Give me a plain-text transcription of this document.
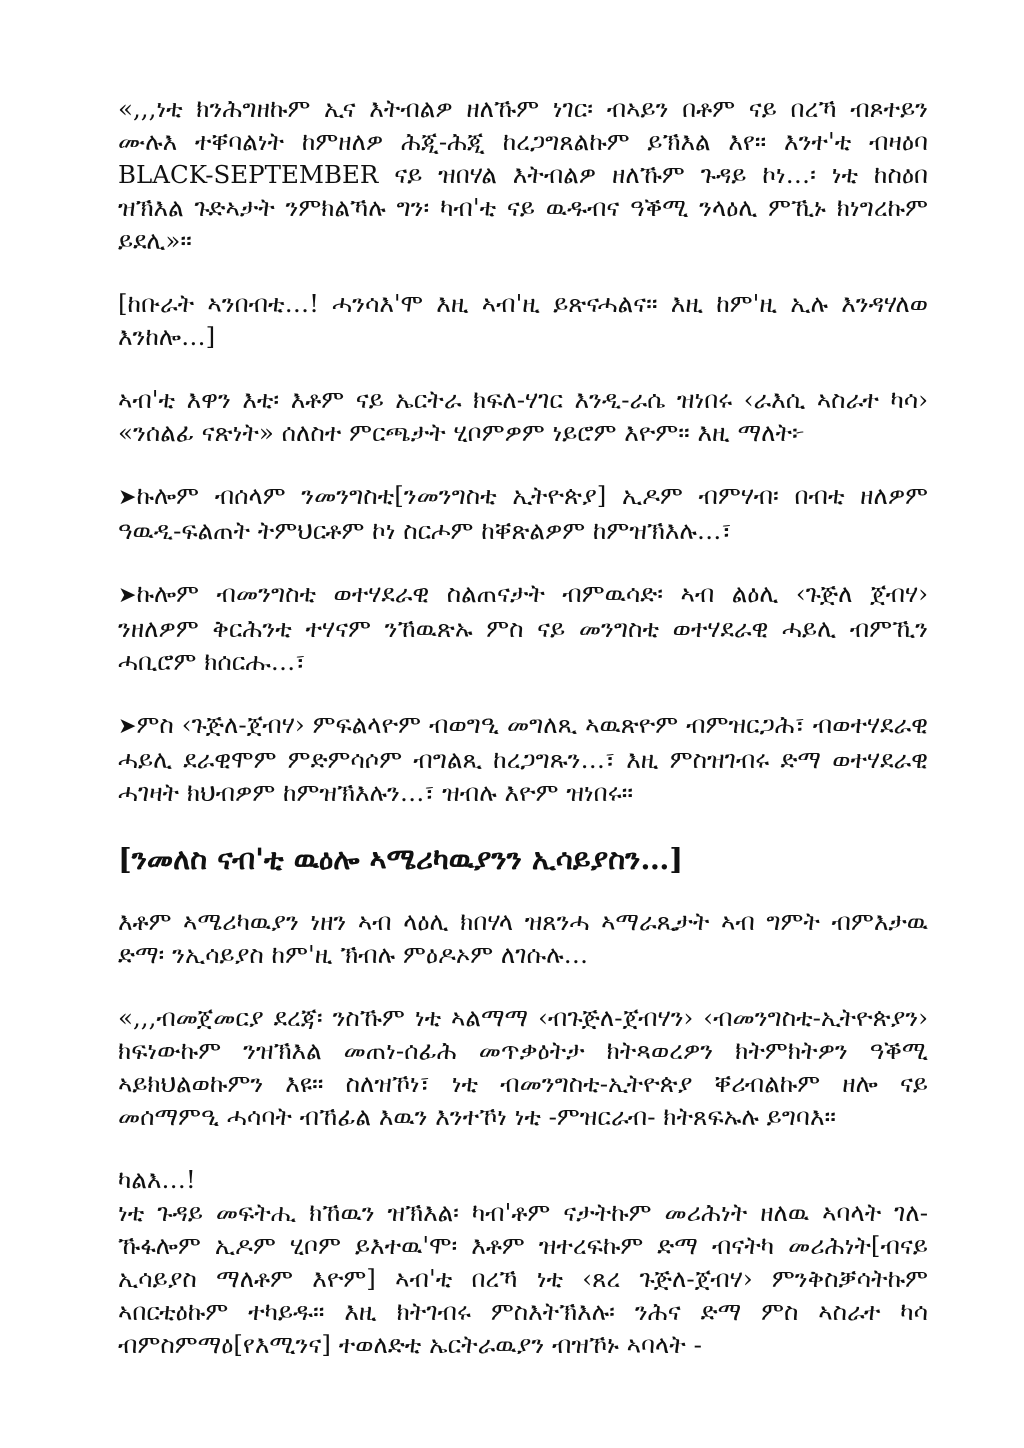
«,,,ነቲ ክንሕግዘኩም ኢና እትብልዎ ዘለኹም ነገር፡ ብኣይን በቶም ናይ በረኻ ብጾተይን ሙሉእ ተቐባልነት ከምዘለዎ ሕጂ-ሕጂ ከረጋግጸልኩም ይኽእል እየ። እንተ'ቲ ብዛዕባ BLACK-SEPTEMBER ናይ ዝበሃል እትብልዎ ዘለኹም ጉዳይ ኮነ…፡ ነቲ ከስዕበ ዝኽእል ጉድኣታት ንምክልኻሉ ግን፡ ካብ'ቲ ናይ ዉዱብና ዓቕሚ ንላዕሊ ምኺኑ ክነግረኩም ይደሊ»።

[ከቡራት ኣንበብቲ…! ሓንሳእ'ሞ እዚ ኣብ'ዚ ይጽናሓልና። እዚ ከም'ዚ ኢሉ እንዳሃለወ እንከሎ…]

ኣብ'ቲ እዋን እቲ፡ እቶም ናይ ኤርትራ ክፍለ-ሃገር እንዲ-ራሴ ዝነበሩ ‹ራእሲ ኣስራተ ካሳ› «ንሰልፊ ናጽነት» ሰለስተ ምርጫታት ሂቦምዎም ነይሮም እዮም። እዚ ማለት፦

➤ኩሎም ብሰላም ንመንግስቲ[ንመንግስቲ ኢትዮጵያ] ኢዶም ብምሃብ፡ በብቲ ዘለዎም ዓዉዲ-ፍልጠት ትምህርቶም ኮነ ስርሖም ከቐጽልዎም ከምዝኽእሉ…፣
➤ኩሎም ብመንግስቲ ወተሃደራዊ ስልጠናታት ብምዉሳድ፡ ኣብ ልዕሊ ‹ጉጅለ ጀብሃ› ንዘለዎም ቅርሕንቲ ተሃናም ንኸዉጽኡ ምስ ናይ መንግስቲ ወተሃደራዊ ሓይሊ ብምኺን ሓቢሮም ክሰርሑ…፣
➤ምስ ‹ጉጅለ-ጀብሃ› ምፍልላዮም ብወግዒ መግለጺ ኣዉጽዮም ብምዝርጋሕ፣ ብወተሃደራዊ ሓይሊ ደራዊሞም ምድምሳሶም ብግልጺ ከረጋግጹን…፣ እዚ ምስዝገብሩ ድማ ወተሃደራዊ ሓገዛት ክህብዎም ከምዝኽእሉን…፣ ዝብሉ እዮም ዝነበሩ።
[ንመለስ ናብ'ቲ ዉዕሎ ኣሜሪካዉያንን ኢሳይያስን…]

እቶም ኣሜሪካዉያን ነዘን ኣብ ላዕሊ ክበሃላ ዝጸንሓ ኣማራጺታት ኣብ ግምት ብምእታዉ ድማ፡ ንኢሳይያስ ከም'ዚ ኽብሉ ምዕዶኦም ለገሱሉ…

«,,,ብመጀመርያ ደረጃ፡ ንስኹም ነቲ ኣልማማ ‹ብጉጅለ-ጀብሃን› ‹ብመንግስቲ-ኢትዮጵያን› ክፍነውኩም ንዝኽእል መጠነ-ሰፊሕ መጥቃዕትታ ክትጻወረዎን ክትምክትዎን ዓቕሚ ኣይክህልወኩምን እዩ። ስለዝኾነ፣ ነቲ ብመንግስቲ-ኢትዮጵያ ቐሪብልኩም ዘሎ ናይ መሰማምዒ ሓሳባት ብኸፊል እዉን እንተኾነ ነቲ -ምዝርራብ- ክትጸፍኡሉ ይግባእ።

ካልእ…!

ነቲ ጉዳይ መፍትሒ ክኸዉን ዝኽእል፡ ካብ'ቶም ናታትኩም መሪሕነት ዘለዉ ኣባላት ገለ-ኹፋሎም ኢዶም ሂቦም ይእተዉ'ሞ፡ እቶም ዝተረፍኩም ድማ ብናትካ መሪሕነት[ብናይ ኢሳይያስ ማለቶም እዮም] ኣብ'ቲ በረኻ ነቲ ‹ጸረ ጉጅለ-ጀብሃ› ምንቅስቓሳትኩም ኣበርቲዕኩም ተካይዱ። እዚ ክትገብሩ ምስእትኽእሉ፡ ንሕና ድማ ምስ ኣስራተ ካሳ ብምስምማዕ[የእሚንና] ተወለድቲ ኤርትራዉያን ብዝኾኑ ኣባላት -
